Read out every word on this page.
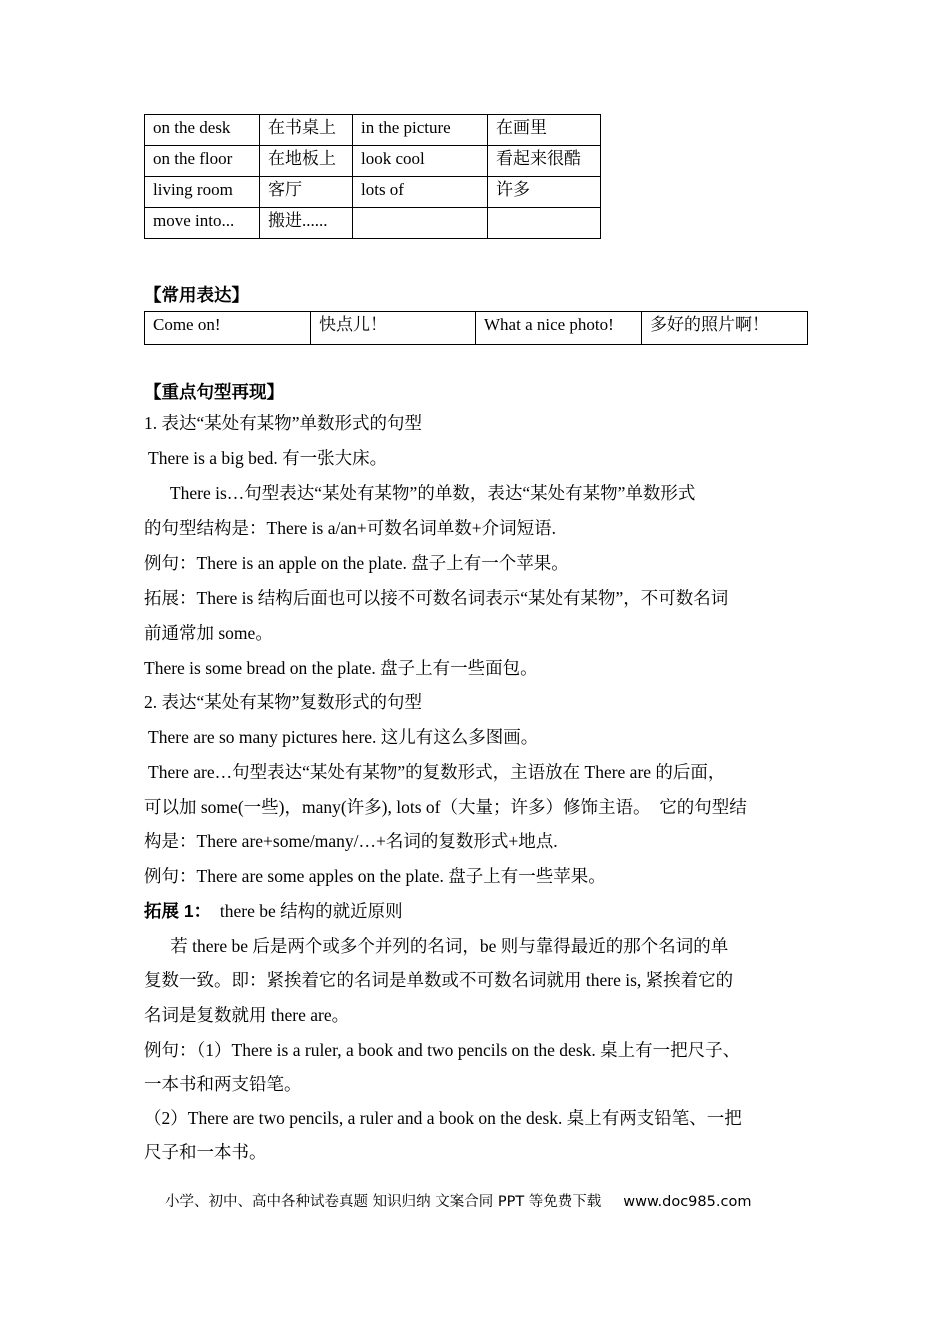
on the desk	在书桌上	in the picture	在画里
on the floor	在地板上	look cool	看起来很酷
living room	客厅	lots of	许多
move into...	搬进......		
【常用表达】
Come on!	快点儿！	What a nice photo!	多好的照片啊！
【重点句型再现】
1. 表达“某处有某物”单数形式的句型
There is a big bed. 有一张大床。
There is…句型表达“某处有某物”的单数，表达“某处有某物”单数形式
的句型结构是：There is a/an+可数名词单数+介词短语.
例句：There is an apple on the plate. 盘子上有一个苹果。
拓展：There is 结构后面也可以接不可数名词表示“某处有某物”，不可数名词
前通常加 some。
There is some bread on the plate. 盘子上有一些面包。
2. 表达“某处有某物”复数形式的句型
There are so many pictures here. 这儿有这么多图画。
There are…句型表达“某处有某物”的复数形式，主语放在 There are 的后面，
可以加 some(一些)，many(许多), lots of（大量；许多）修饰主语。  它的句型结
构是：There are+some/many/…+名词的复数形式+地点.
例句：There are some apples on the plate. 盘子上有一些苹果。
拓展 1：  there be 结构的就近原则
若 there be 后是两个或多个并列的名词，be 则与靠得最近的那个名词的单
复数一致。即：紧挨着它的名词是单数或不可数名词就用 there is, 紧挨着它的
名词是复数就用 there are。
例句：（1）There is a ruler, a book and two pencils on the desk. 桌上有一把尺子、
一本书和两支铅笔。
（2）There are two pencils, a ruler and a book on the desk. 桌上有两支铅笔、一把
尺子和一本书。
小学、初中、高中各种试卷真题 知识归纳 文案合同 PPT 等免费下载 www.doc985.com
